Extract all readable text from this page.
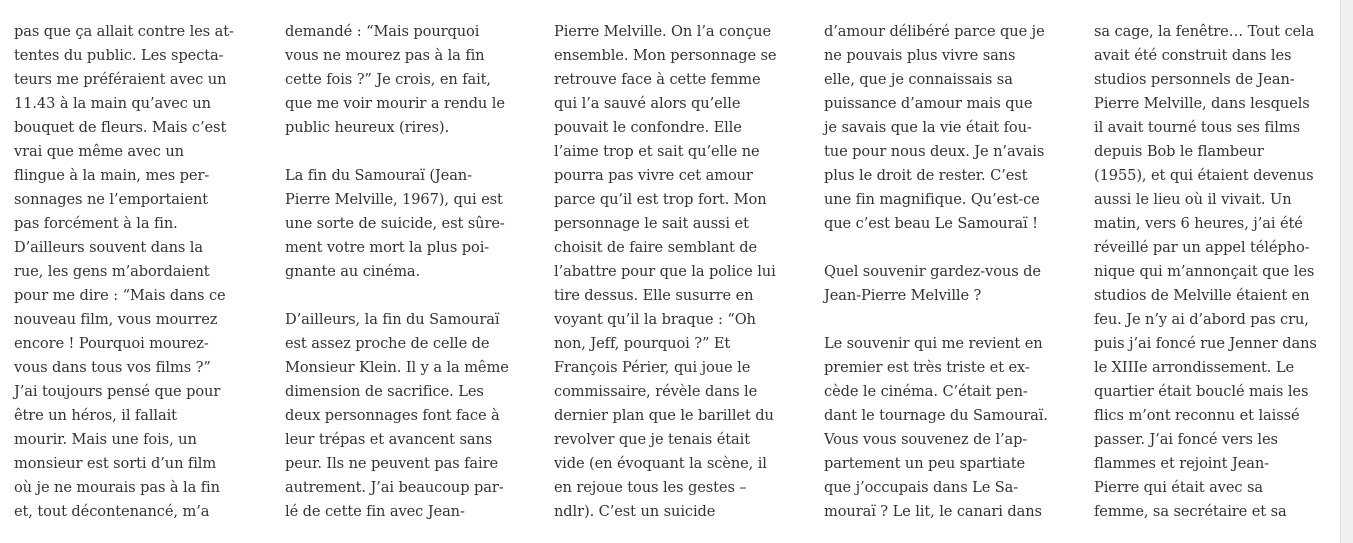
pas que ça allait contre les at-
tentes du public. Les specta-
teurs me préféraient avec un
11.43 à la main qu’avec un
bouquet de fleurs. Mais c’est
vrai que même avec un
flingue à la main, mes per-
sonnages ne l’emportaient
pas forcément à la fin.
D’ailleurs souvent dans la
rue, les gens m’abordaient
pour me dire : “Mais dans ce
nouveau film, vous mourrez
encore ! Pourquoi mourez-
vous dans tous vos films ?”
J’ai toujours pensé que pour
être un héros, il fallait
mourir. Mais une fois, un
monsieur est sorti d’un film
où je ne mourais pas à la fin
et, tout décontenancé, m’a
demandé : “Mais pourquoi
vous ne mourez pas à la fin
cette fois ?” Je crois, en fait,
que me voir mourir a rendu le
public heureux (rires).
La fin du Samouraï (Jean-
Pierre Melville, 1967), qui est
une sorte de suicide, est sûre-
ment votre mort la plus poi-
gnante au cinéma.
D’ailleurs, la fin du Samouraï
est assez proche de celle de
Monsieur Klein. Il y a la même
dimension de sacrifice. Les
deux personnages font face à
leur trépas et avancent sans
peur. Ils ne peuvent pas faire
autrement. J’ai beaucoup par-
lé de cette fin avec Jean-
Pierre Melville. On l’a conçue
ensemble. Mon personnage se
retrouve face à cette femme
qui l’a sauvé alors qu’elle
pouvait le confondre. Elle
l’aime trop et sait qu’elle ne
pourra pas vivre cet amour
parce qu’il est trop fort. Mon
personnage le sait aussi et
choisit de faire semblant de
l’abattre pour que la police lui
tire dessus. Elle susurre en
voyant qu’il la braque : “Oh
non, Jeff, pourquoi ?” Et
François Périer, qui joue le
commissaire, révèle dans le
dernier plan que le barillet du
revolver que je tenais était
vide (en évoquant la scène, il
en rejoue tous les gestes –
ndlr). C’est un suicide
d’amour délibéré parce que je
ne pouvais plus vivre sans
elle, que je connaissais sa
puissance d’amour mais que
je savais que la vie était fou-
tue pour nous deux. Je n’avais
plus le droit de rester. C’est
une fin magnifique. Qu’est-ce
que c’est beau Le Samouraï !
Quel souvenir gardez-vous de
Jean-Pierre Melville ?
Le souvenir qui me revient en
premier est très triste et ex-
cède le cinéma. C’était pen-
dant le tournage du Samouraï.
Vous vous souvenez de l’ap-
partement un peu spartiate
que j’occupais dans Le Sa-
mouraï ? Le lit, le canari dans
sa cage, la fenêtre… Tout cela
avait été construit dans les
studios personnels de Jean-
Pierre Melville, dans lesquels
il avait tourné tous ses films
depuis Bob le flambeur
(1955), et qui étaient devenus
aussi le lieu où il vivait. Un
matin, vers 6 heures, j’ai été
réveillé par un appel télépho-
nique qui m’annonçait que les
studios de Melville étaient en
feu. Je n’y ai d’abord pas cru,
puis j’ai foncé rue Jenner dans
le XIIIe arrondissement. Le
quartier était bouclé mais les
flics m’ont reconnu et laissé
passer. J’ai foncé vers les
flammes et rejoint Jean-
Pierre qui était avec sa
femme, sa secrétaire et sa
